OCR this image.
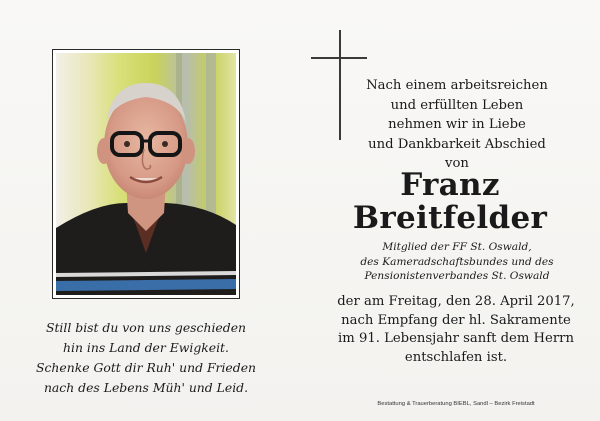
Still bist du von uns geschieden
hin ins Land der Ewigkeit.
Schenke Gott dir Ruh' und Frieden
nach des Lebens Müh' und Leid.
Nach einem arbeitsreichen
und erfüllten Leben
nehmen wir in Liebe
und Dankbarkeit Abschied
von
Franz
Breitfelder
Mitglied der FF St. Oswald,
des Kameradschaftsbundes und des
Pensionistenverbandes St. Oswald
der am Freitag, den 28. April 2017,
nach Empfang der hl. Sakramente
im 91. Lebensjahr sanft dem Herrn
entschlafen ist.
Bestattung & Trauerberatung BIEBL, Sandl – Bezirk Freistadt
